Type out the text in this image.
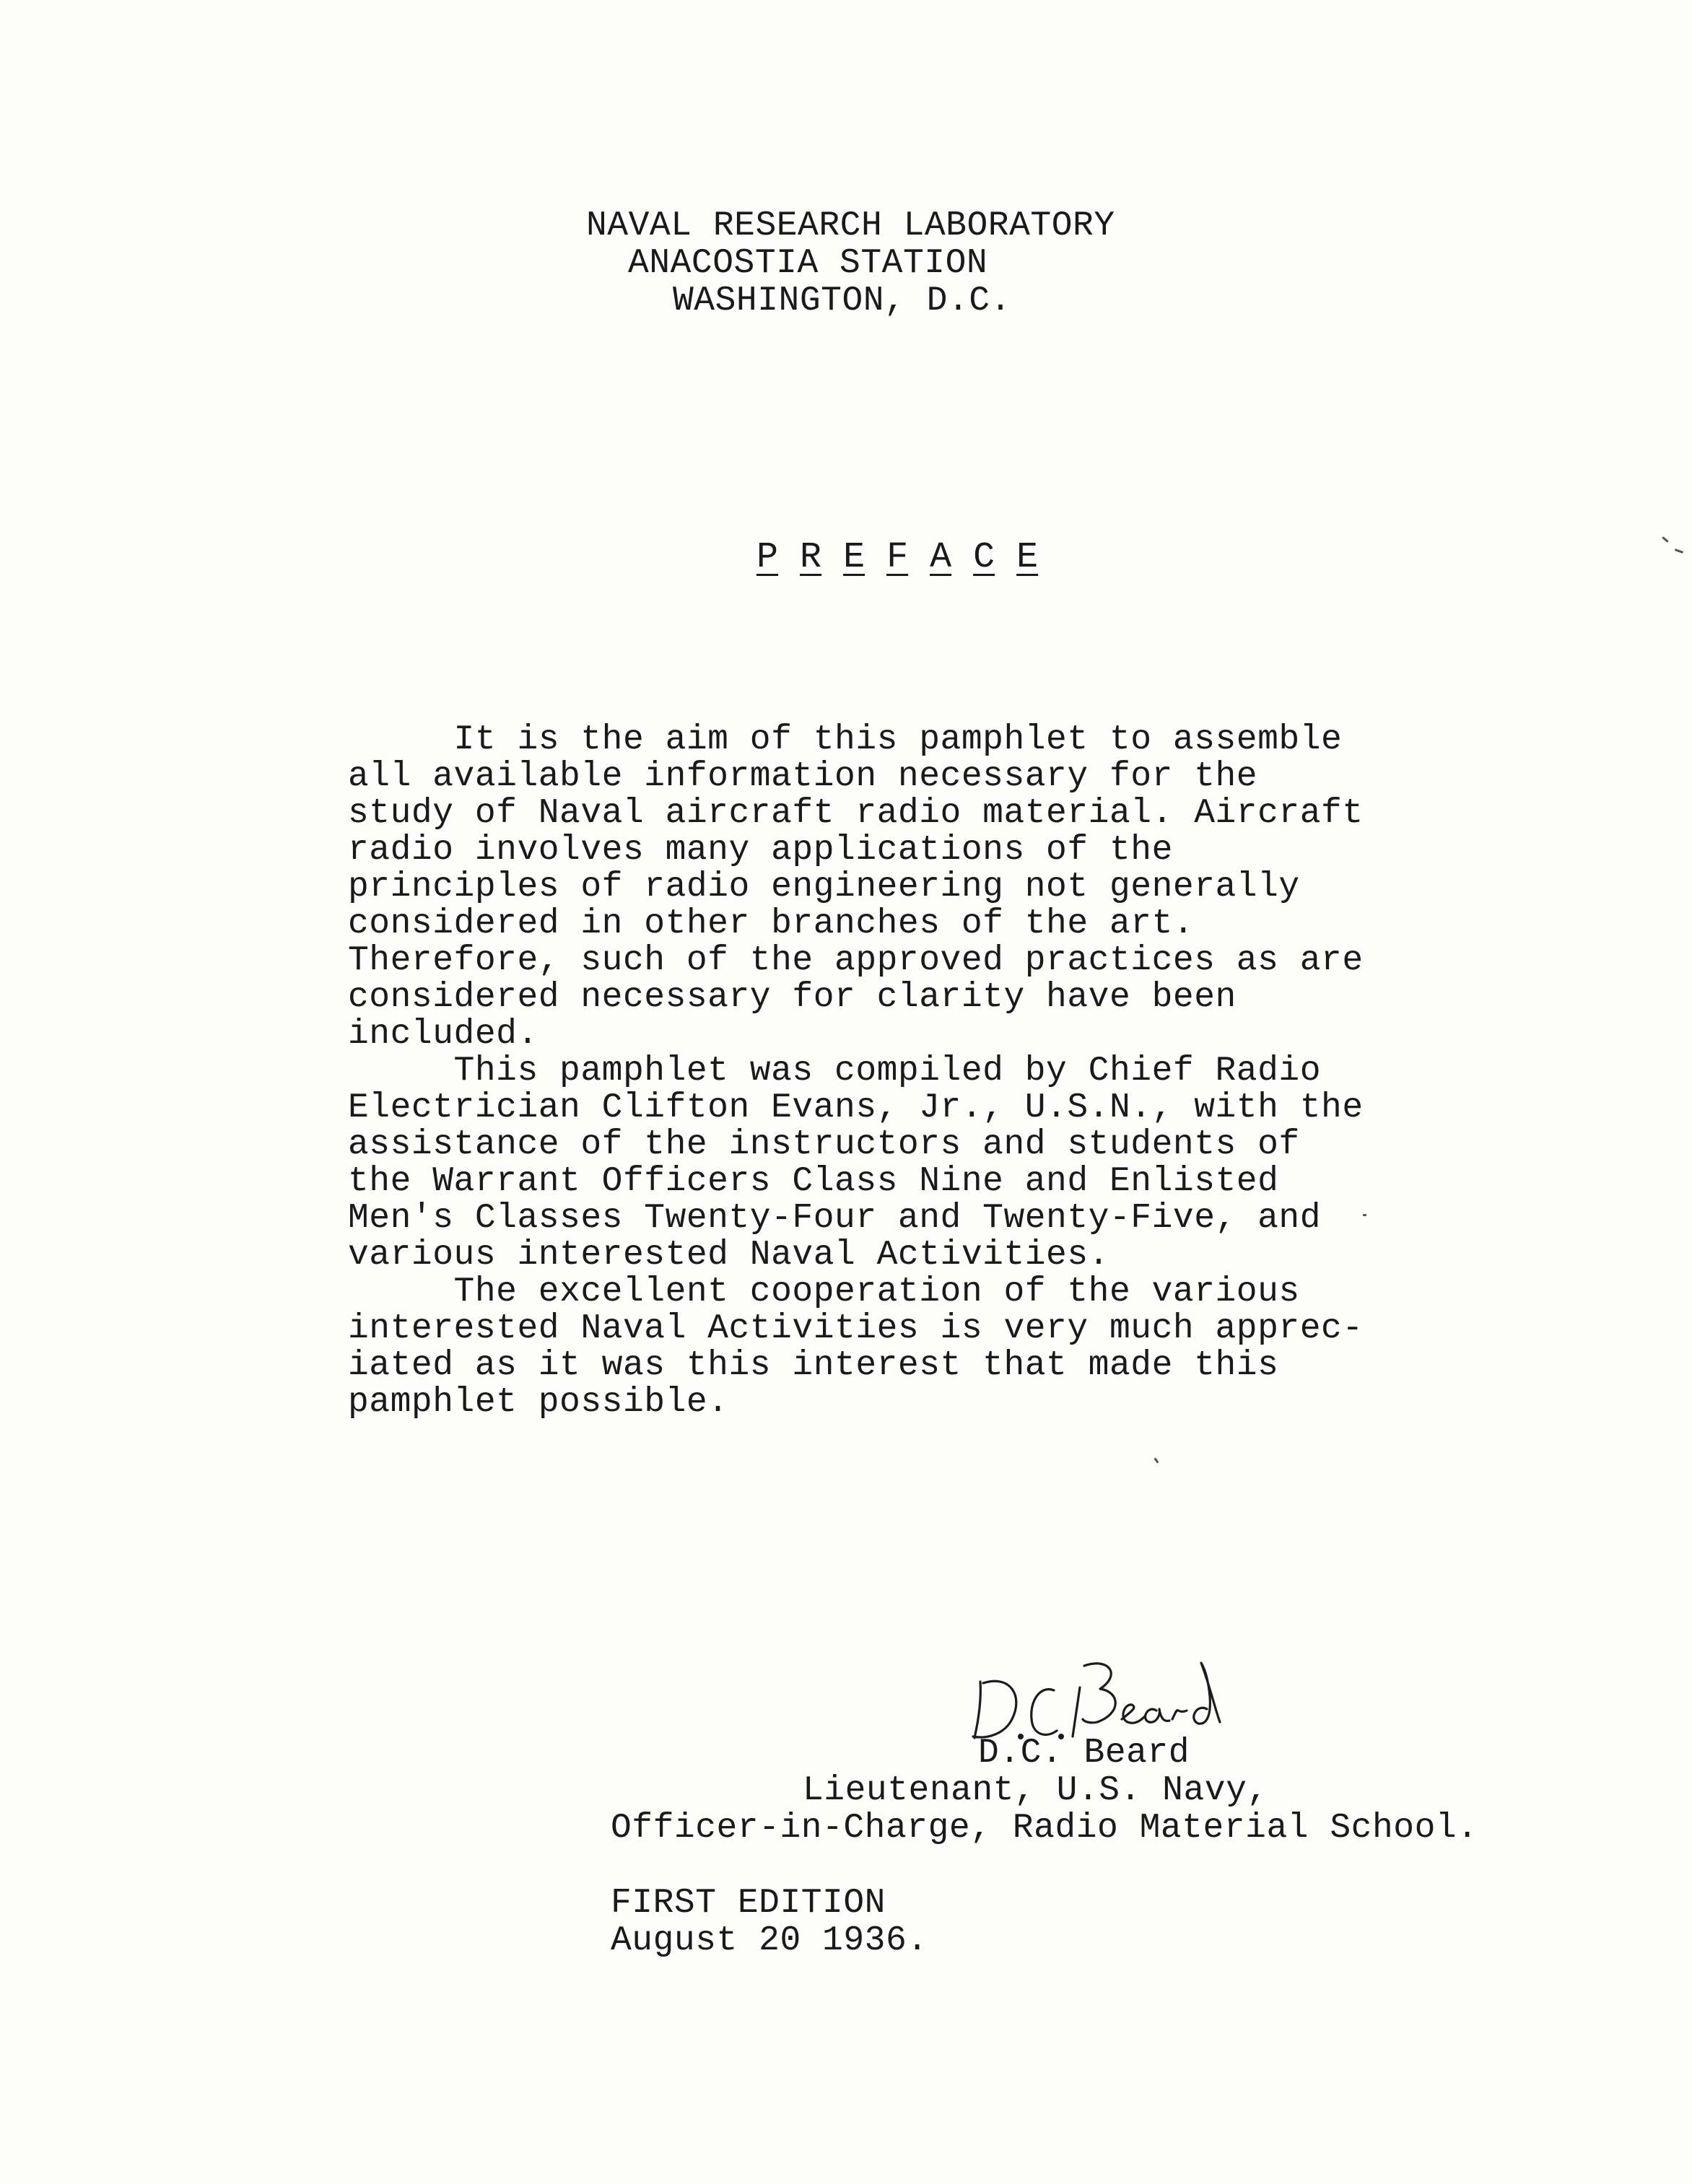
NAVAL RESEARCH LABORATORY
ANACOSTIA STATION
WASHINGTON, D.C.

P R E F A C E

It is the aim of this pamphlet to assemble
all available information necessary for the
study of Naval aircraft radio material. Aircraft
radio involves many applications of the
principles of radio engineering not generally
considered in other branches of the art.
Therefore, such of the approved practices as are
considered necessary for clarity have been
included.
This pamphlet was compiled by Chief Radio
Electrician Clifton Evans, Jr., U.S.N., with the
assistance of the instructors and students of
the Warrant Officers Class Nine and Enlisted
Men's Classes Twenty-Four and Twenty-Five, and
various interested Naval Activities.
The excellent cooperation of the various
interested Naval Activities is very much apprec-
iated as it was this interest that made this
pamphlet possible.
D.C. Beard
Lieutenant, U.S. Navy,
Officer-in-Charge, Radio Material School.
FIRST EDITION
August 20 1936.
